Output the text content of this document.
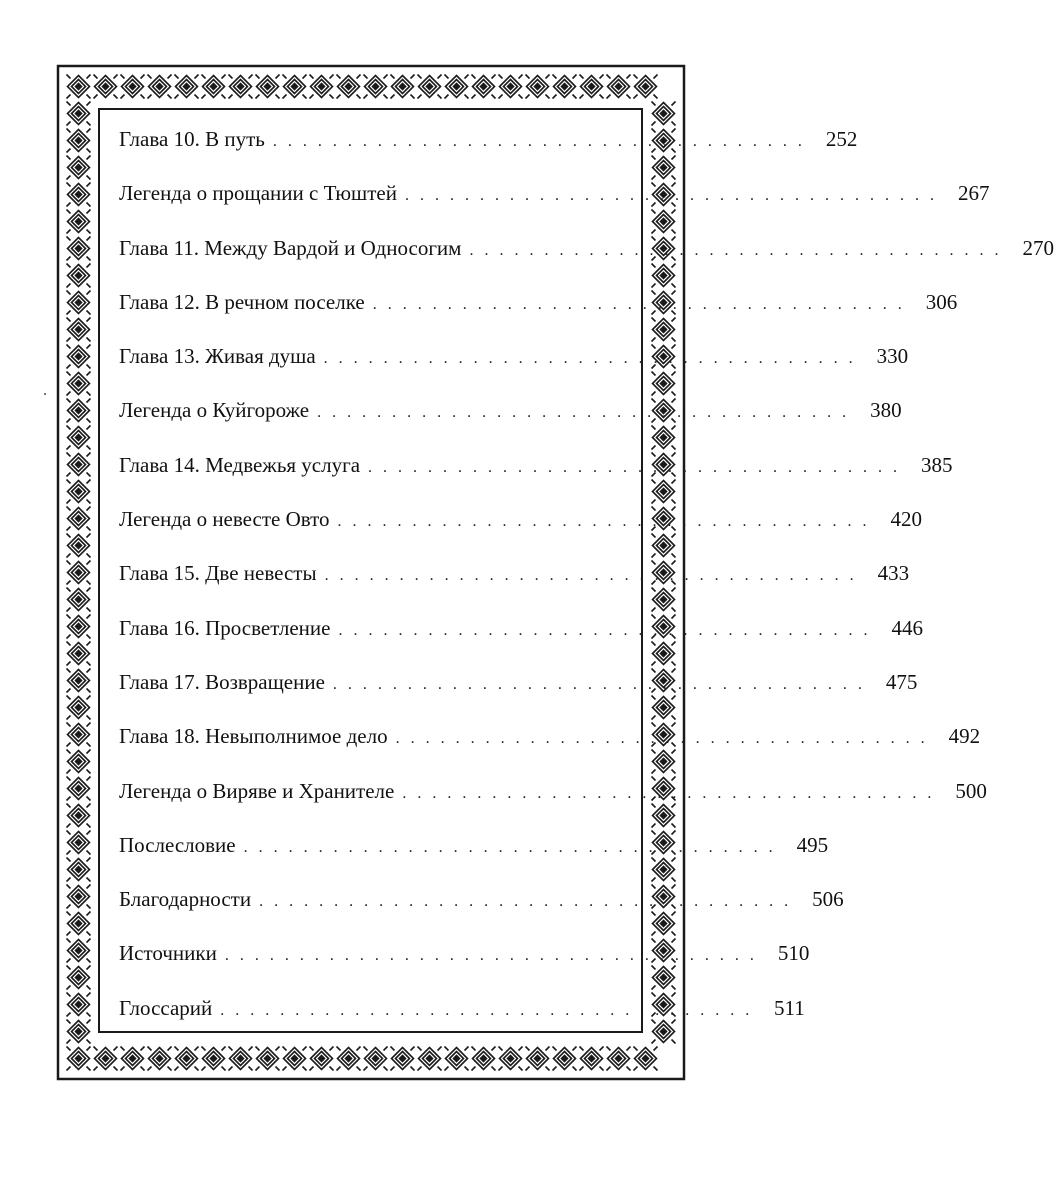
Глава 10. В путь . . . . . . . . . . . . . . . . . . . . . . . . . . . . . . . . . . . . 252
Легенда о прощании с Тюштей . . . . . . . . . . . . . . . . . . . . . . . . . . . . . . . . . . . . 267
Глава 11. Между Вардой и Односогим . . . . . . . . . . . . . . . . . . . . . . . . . . . . . . . . . . . . 270
Глава 12. В речном поселке . . . . . . . . . . . . . . . . . . . . . . . . . . . . . . . . . . . . 306
Глава 13. Живая душа . . . . . . . . . . . . . . . . . . . . . . . . . . . . . . . . . . . . 330
Легенда о Куйгороже . . . . . . . . . . . . . . . . . . . . . . . . . . . . . . . . . . . . 380
Глава 14. Медвежья услуга . . . . . . . . . . . . . . . . . . . . . . . . . . . . . . . . . . . . 385
Легенда о невесте Овто . . . . . . . . . . . . . . . . . . . . . . . . . . . . . . . . . . . . 420
Глава 15. Две невесты . . . . . . . . . . . . . . . . . . . . . . . . . . . . . . . . . . . . 433
Глава 16. Просветление . . . . . . . . . . . . . . . . . . . . . . . . . . . . . . . . . . . . 446
Глава 17. Возвращение . . . . . . . . . . . . . . . . . . . . . . . . . . . . . . . . . . . . 475
Глава 18. Невыполнимое дело . . . . . . . . . . . . . . . . . . . . . . . . . . . . . . . . . . . . 492
Легенда о Виряве и Хранителе . . . . . . . . . . . . . . . . . . . . . . . . . . . . . . . . . . . . 500
Послесловие . . . . . . . . . . . . . . . . . . . . . . . . . . . . . . . . . . . . 495
Благодарности . . . . . . . . . . . . . . . . . . . . . . . . . . . . . . . . . . . . 506
Источники . . . . . . . . . . . . . . . . . . . . . . . . . . . . . . . . . . . . 510
Глоссарий . . . . . . . . . . . . . . . . . . . . . . . . . . . . . . . . . . . .	511
